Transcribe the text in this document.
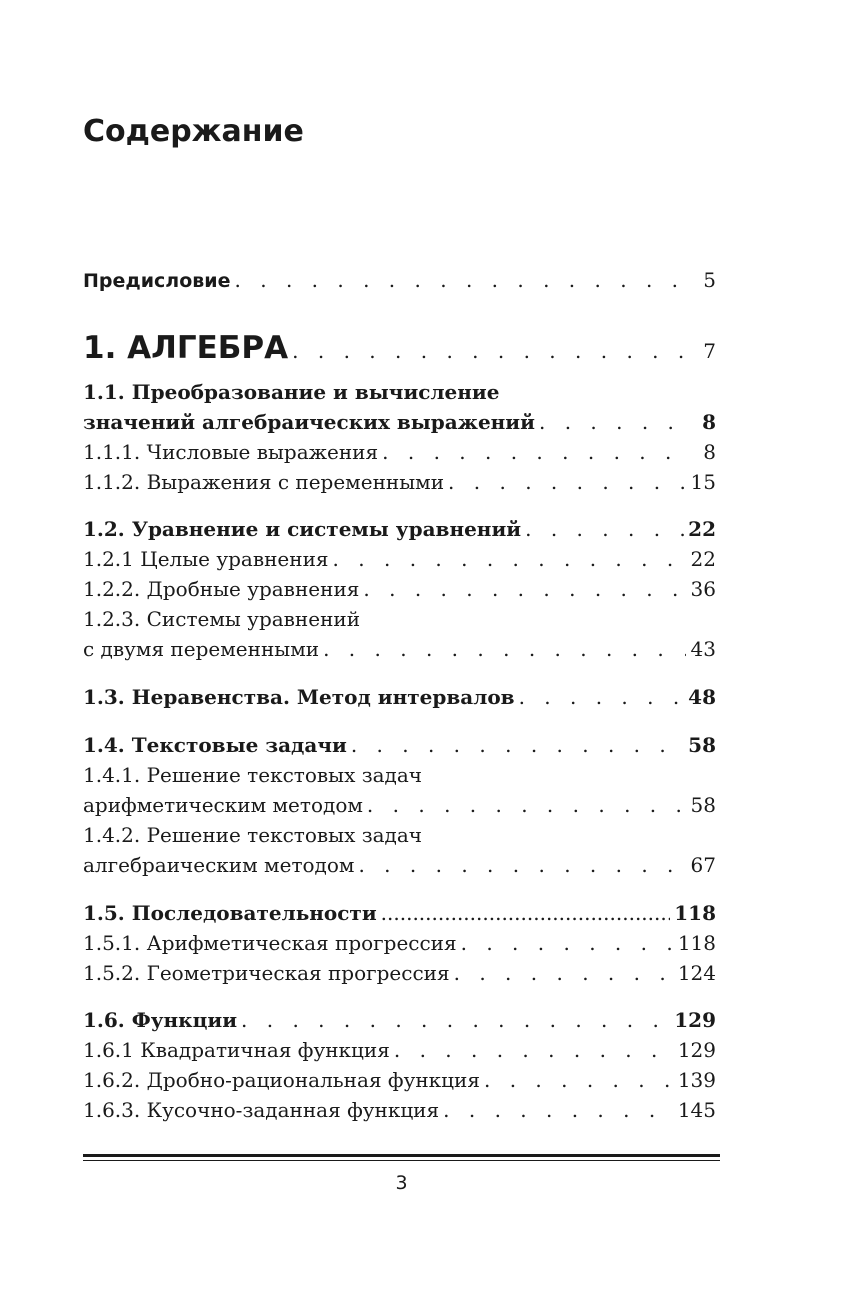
Содержание
Предисловие . . .	5
1. АЛГЕБРА . . .	7
1.1. Преобразование и вычисление
значений алгебраических выражений . . .	8
1.1.1. Числовые выражения . . .	8
1.1.2. Выражения с переменными . . .	15
1.2. Уравнение и системы уравнений . . .	22
1.2.1 Целые уравнения . . .	22
1.2.2. Дробные уравнения . . .	36
1.2.3. Системы уравнений
с двумя переменными . . .	43
1.3. Неравенства. Метод интервалов . . .	48
1.4. Текстовые задачи . . .	58
1.4.1. Решение текстовых задач
арифметическим методом . . .	58
1.4.2. Решение текстовых задач
алгебраическим методом . . .	67
1.5. Последовательности .....	118
1.5.1. Арифметическая прогрессия . . .	118
1.5.2. Геометрическая прогрессия . . .	124
1.6. Функции . . .	129
1.6.1 Квадратичная функция . . .	129
1.6.2. Дробно-рациональная функция . . .	139
1.6.3. Кусочно-заданная функция . . .	145
3
